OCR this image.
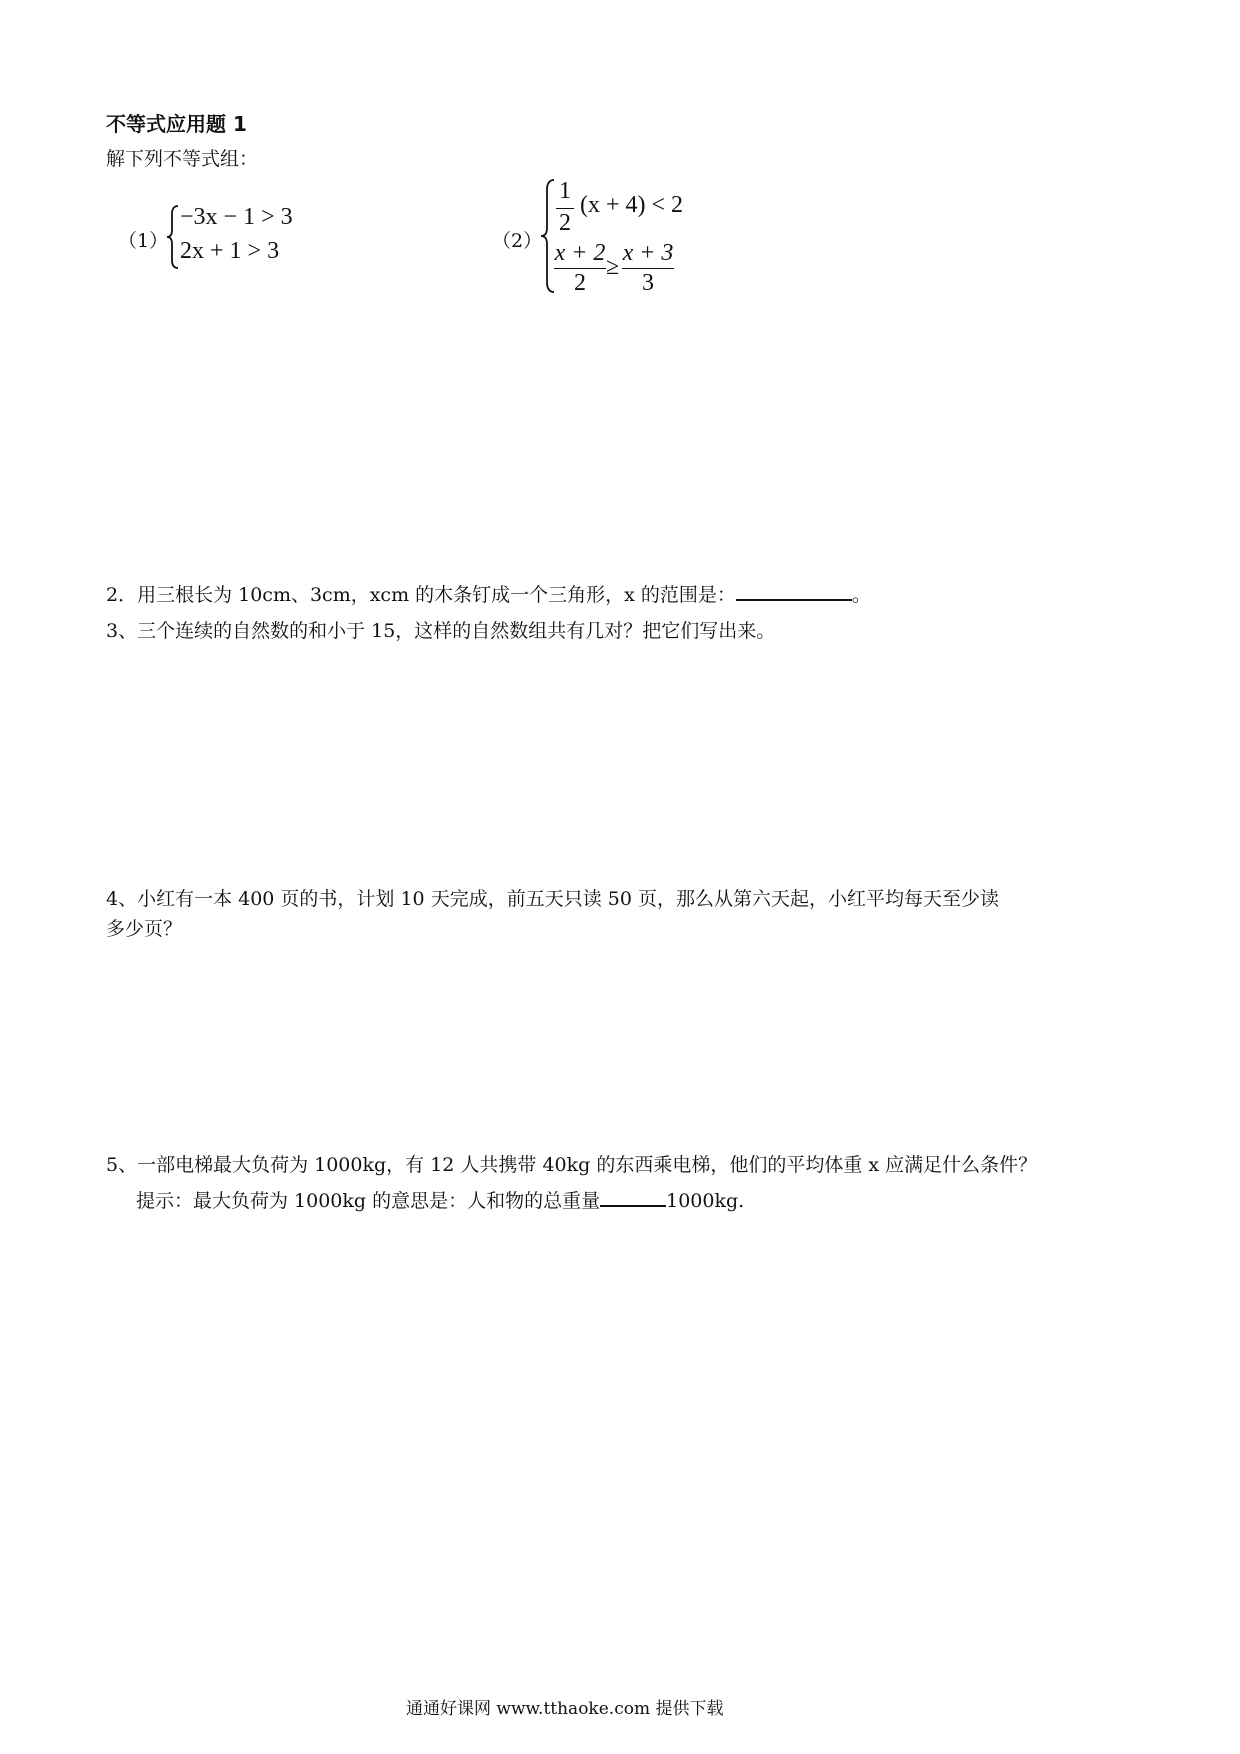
不等式应用题 1
解下列不等式组：
（1）
−3x − 1 > 3
2x + 1 > 3	（2）
1
2
(x + 4) < 2
x + 2
2
≥
x + 3
3
2．用三根长为 10cm、3cm，xcm 的木条钉成一个三角形，x 的范围是：	。
3、三个连续的自然数的和小于 15，这样的自然数组共有几对？把它们写出来。
4、小红有一本 400 页的书，计划 10 天完成，前五天只读 50 页，那么从第六天起，小红平均每天至少读
多少页？
5、一部电梯最大负荷为 1000kg，有 12 人共携带 40kg 的东西乘电梯，他们的平均体重 x 应满足什么条件？
提示：最大负荷为 1000kg 的意思是：人和物的总重量	1000kg.
通通好课网 www.tthaoke.com 提供下载
